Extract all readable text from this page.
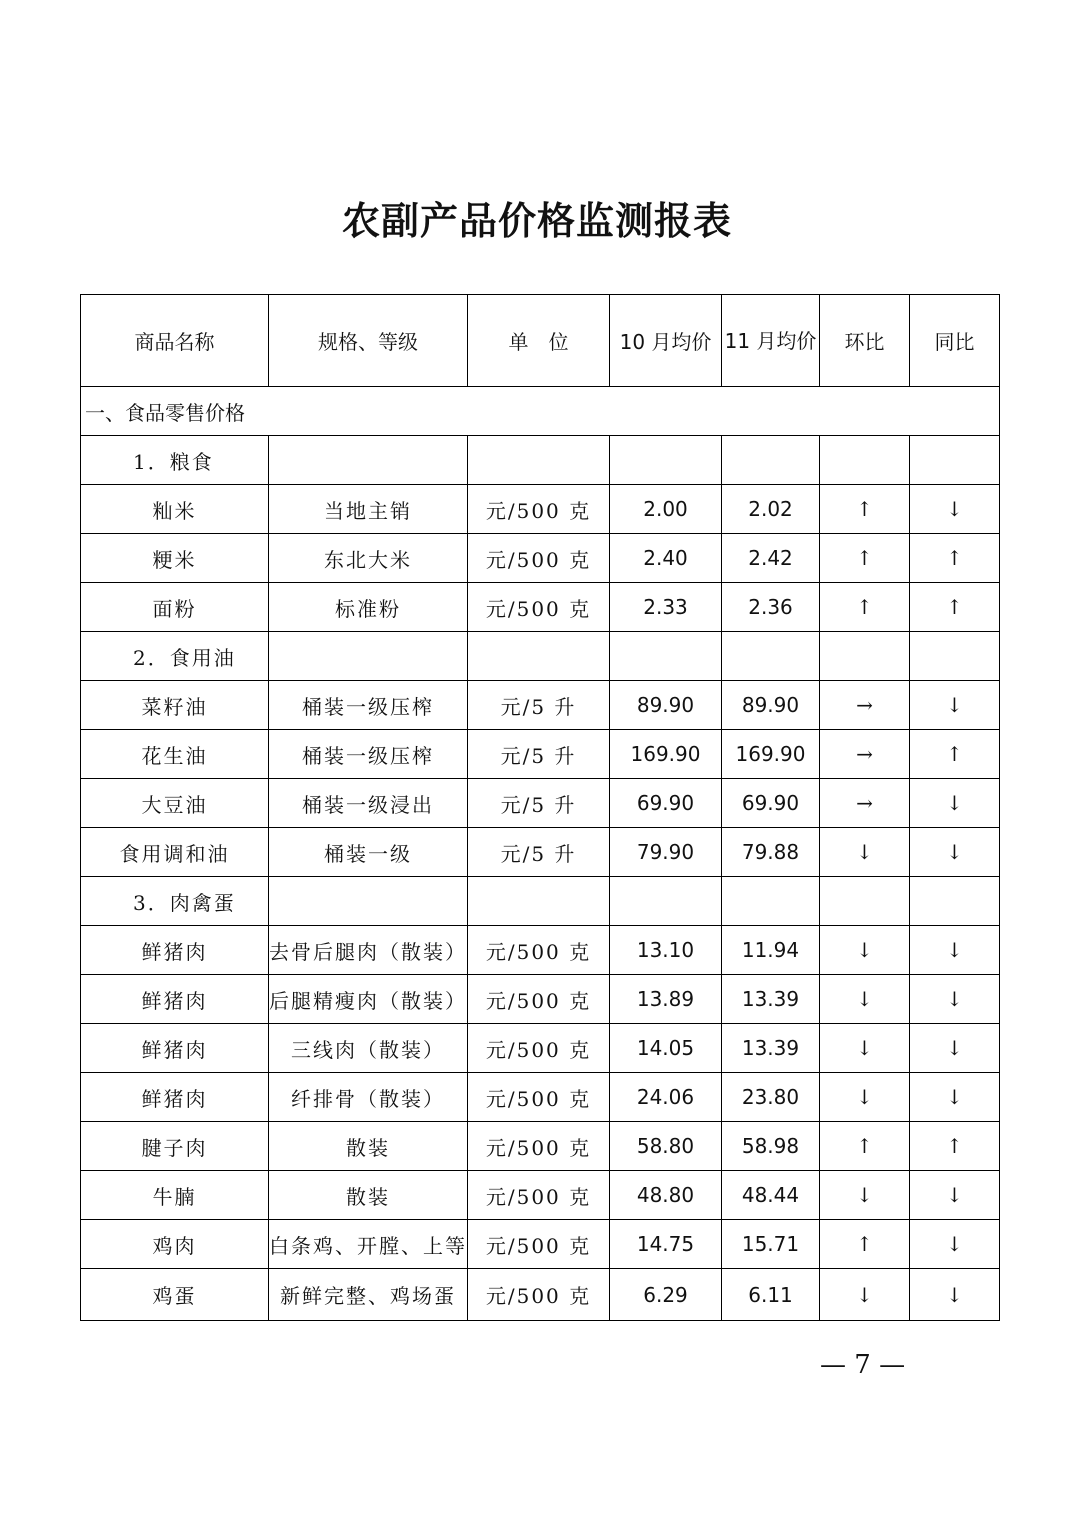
农副产品价格监测报表
商品名称	规格、等级	单　位	10 月均价	11 月均价	环比	同比
一、食品零售价格						
1．粮食						
籼米	当地主销	元/500 克	2.00	2.02	↑	↓
粳米	东北大米	元/500 克	2.40	2.42	↑	↑
面粉	标准粉	元/500 克	2.33	2.36	↑	↑
2．食用油						
菜籽油	桶装一级压榨	元/5 升	89.90	89.90	→	↓
花生油	桶装一级压榨	元/5 升	169.90	169.90	→	↑
大豆油	桶装一级浸出	元/5 升	69.90	69.90	→	↓
食用调和油	桶装一级	元/5 升	79.90	79.88	↓	↓
3．肉禽蛋						
鲜猪肉	去骨后腿肉（散装）	元/500 克	13.10	11.94	↓	↓
鲜猪肉	后腿精瘦肉（散装）	元/500 克	13.89	13.39	↓	↓
鲜猪肉	三线肉（散装）	元/500 克	14.05	13.39	↓	↓
鲜猪肉	纤排骨（散装）	元/500 克	24.06	23.80	↓	↓
腱子肉	散装	元/500 克	58.80	58.98	↑	↑
牛腩	散装	元/500 克	48.80	48.44	↓	↓
鸡肉	白条鸡、开膛、上等	元/500 克	14.75	15.71	↑	↓
鸡蛋	新鲜完整、鸡场蛋	元/500 克	6.29	6.11	↓	↓
— 7 —
